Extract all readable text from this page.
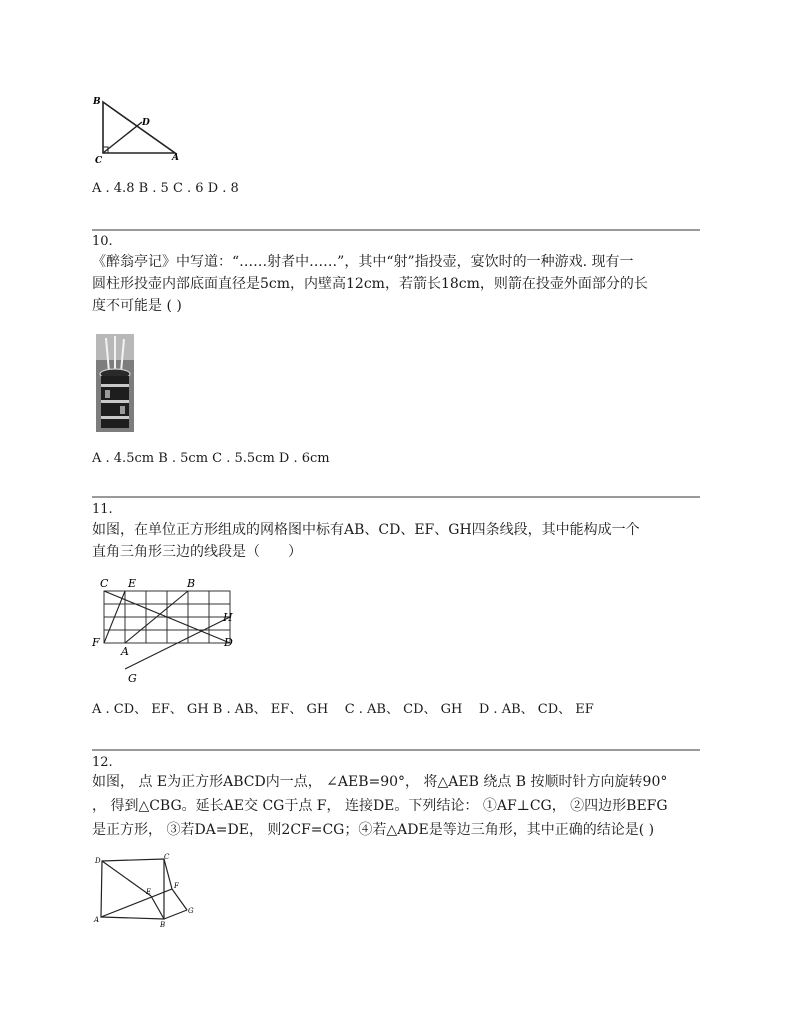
B
D
C	A
A . 4.8 B . 5 C . 6 D . 8
10.
《醉翁亭记》中写道：“……射者中……”，其中“射”指投壶，宴饮时的一种游戏. 现有一
圆柱形投壶内部底面直径是5cm，内壁高12cm，若箭长18cm，则箭在投壶外面部分的长
度不可能是 ( )
A . 4.5cm B . 5cm C . 5.5cm D . 6cm
11.
如图，在单位正方形组成的网格图中标有AB、CD、EF、GH四条线段，其中能构成一个
直角三角形三边的线段是（　　）
C E	B
H
F	D
A
G
A . CD、 EF、 GH B . AB、 EF、 GH    C . AB、 CD、 GH    D . AB、 CD、 EF
12.
如图， 点 E为正方形ABCD内一点， ∠AEB=90°， 将△AEB 绕点 B 按顺时针方向旋转90°
， 得到△CBG。延长AE交 CG于点 F， 连接DE。下列结论： ①AF⊥CG， ②四边形BEFG
是正方形， ③若DA=DE， 则2CF=CG；④若△ADE是等边三角形，其中正确的结论是( )
D	C
E
F
A
B
G
